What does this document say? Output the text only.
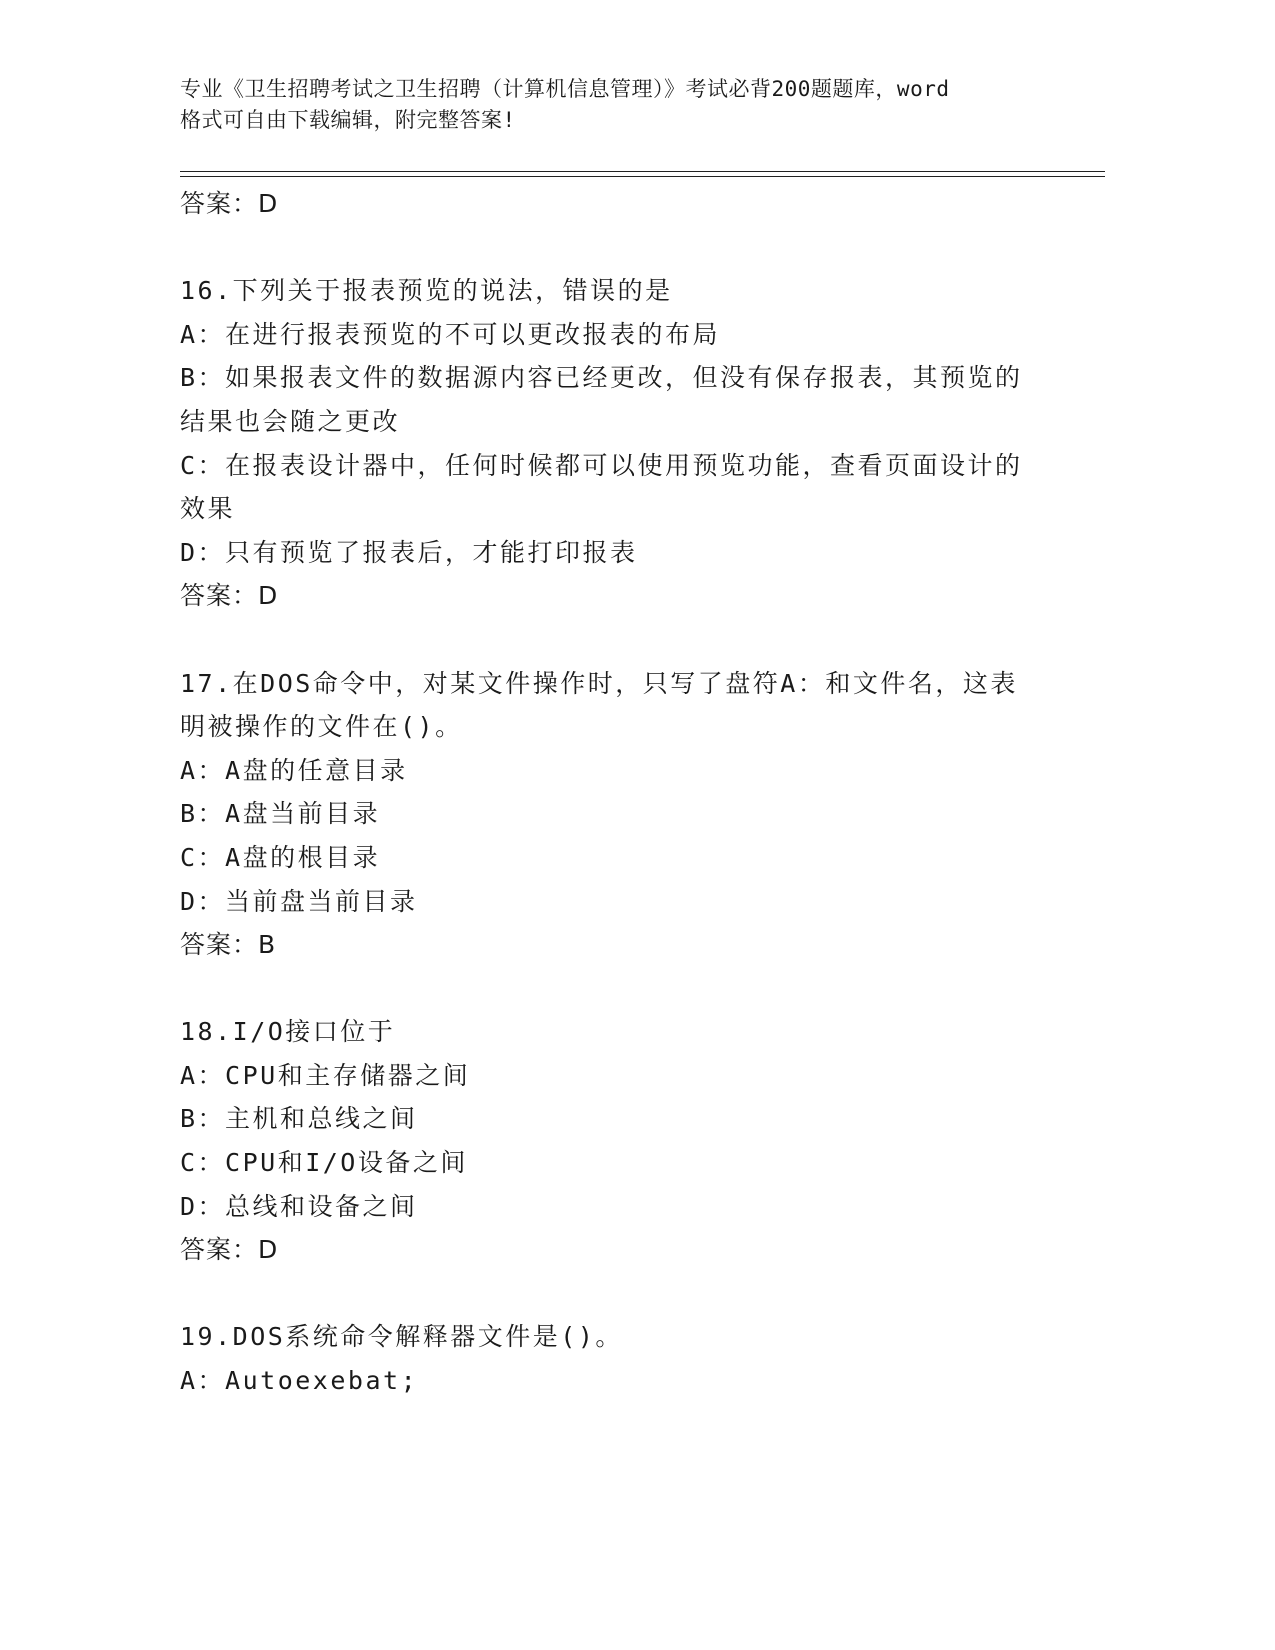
专业《卫生招聘考试之卫生招聘（计算机信息管理）》考试必背200题题库，word
格式可自由下载编辑，附完整答案!
答案：D
16.下列关于报表预览的说法，错误的是
A：在进行报表预览的不可以更改报表的布局
B：如果报表文件的数据源内容已经更改，但没有保存报表，其预览的
结果也会随之更改
C：在报表设计器中，任何时候都可以使用预览功能，查看页面设计的
效果
D：只有预览了报表后，才能打印报表
答案：D
17.在DOS命令中，对某文件操作时，只写了盘符A：和文件名，这表
明被操作的文件在()。
A：A盘的任意目录
B：A盘当前目录
C：A盘的根目录
D：当前盘当前目录
答案：B
18.I/O接口位于
A：CPU和主存储器之间
B：主机和总线之间
C：CPU和I/O设备之间
D：总线和设备之间
答案：D
19.DOS系统命令解释器文件是()。
A：Autoexebat;
